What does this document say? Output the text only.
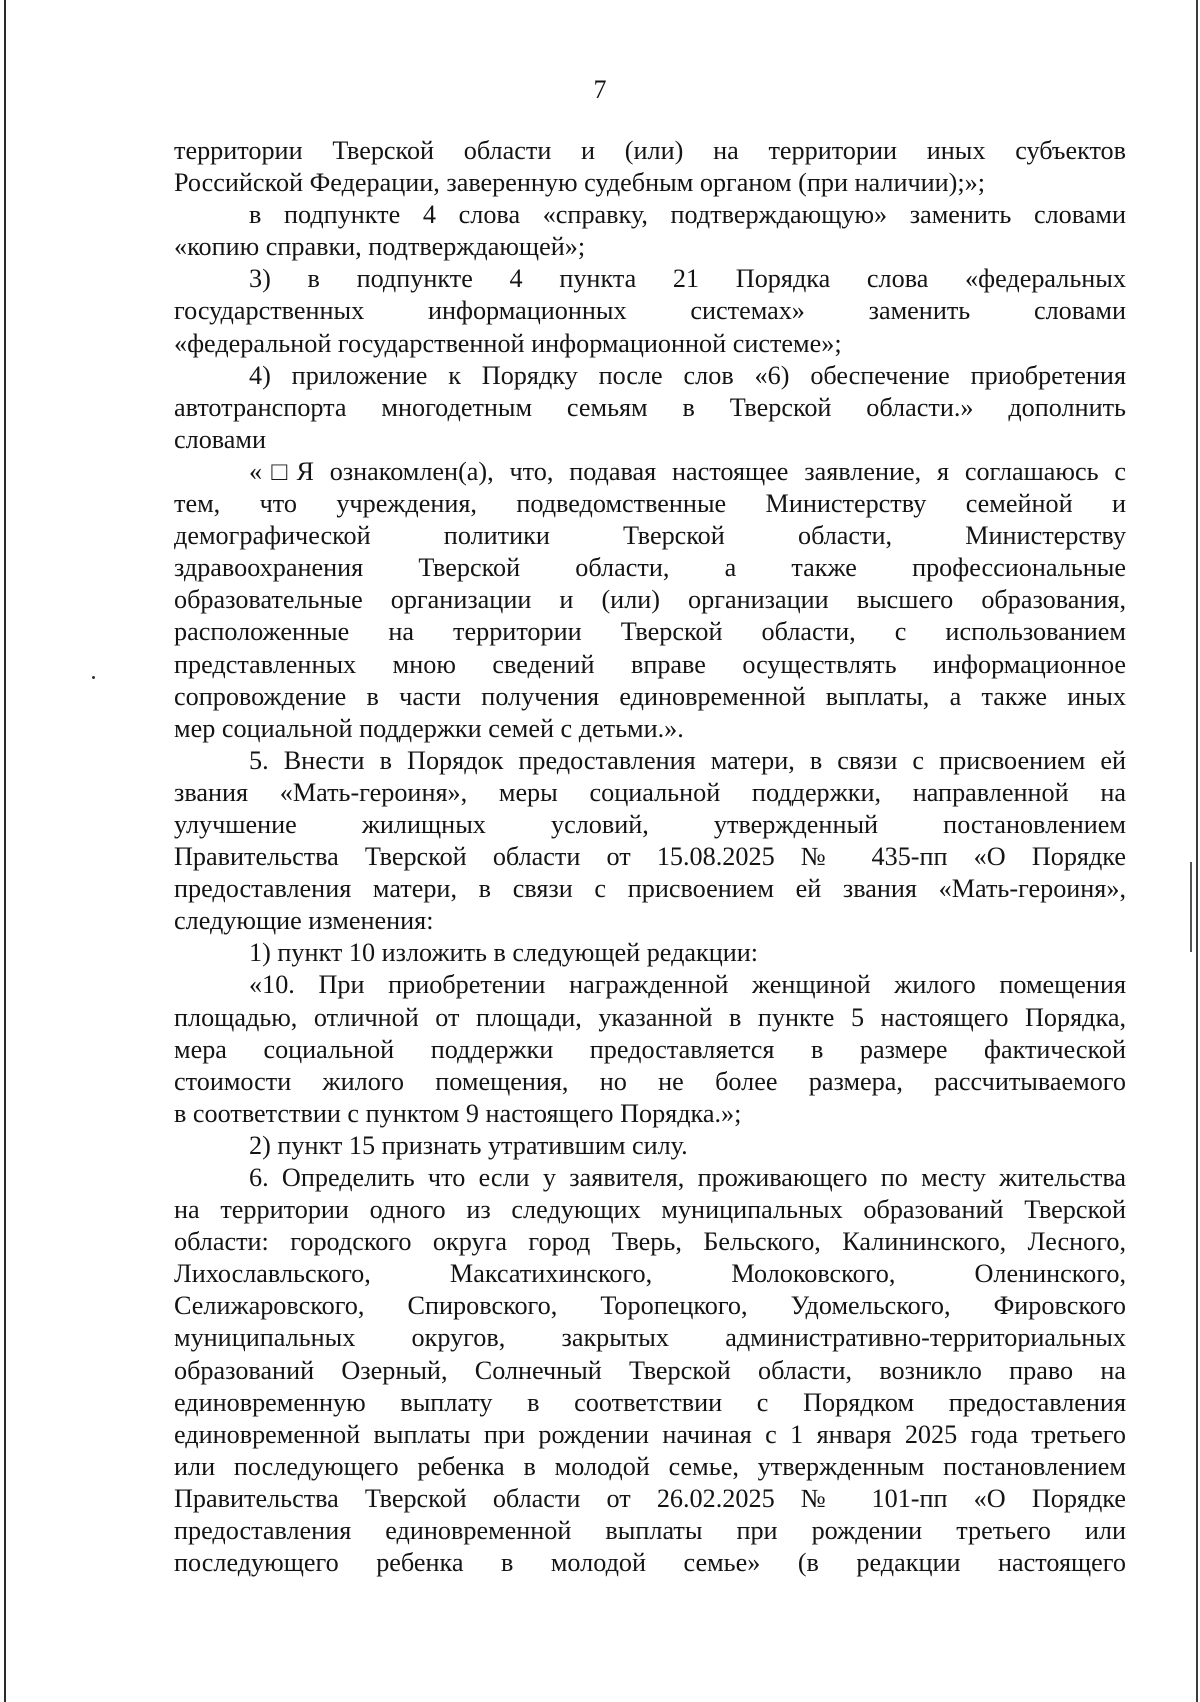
7
территории Тверской области и (или) на территории иных субъектов
Российской Федерации, заверенную судебным органом (при наличии);»;
в подпункте 4 слова «справку, подтверждающую» заменить словами
«копию справки, подтверждающей»;
3) в подпункте 4 пункта 21 Порядка слова «федеральных
государственных информационных системах» заменить словами
«федеральной государственной информационной системе»;
4) приложение к Порядку после слов «6) обеспечение приобретения
автотранспорта многодетным семьям в Тверской области.» дополнить
словами
«□Я ознакомлен(а), что, подавая настоящее заявление, я соглашаюсь с
тем, что учреждения, подведомственные Министерству семейной и
демографической политики Тверской области, Министерству
здравоохранения Тверской области, а также профессиональные
образовательные организации и (или) организации высшего образования,
расположенные на территории Тверской области, с использованием
представленных мною сведений вправе осуществлять информационное
сопровождение в части получения единовременной выплаты, а также иных
мер социальной поддержки семей с детьми.».
5. Внести в Порядок предоставления матери, в связи с присвоением ей
звания «Мать-героиня», меры социальной поддержки, направленной на
улучшение жилищных условий, утвержденный постановлением
Правительства Тверской области от 15.08.2025 № 435-пп «О Порядке
предоставления матери, в связи с присвоением ей звания «Мать-героиня»,
следующие изменения:
1) пункт 10 изложить в следующей редакции:
«10. При приобретении награжденной женщиной жилого помещения
площадью, отличной от площади, указанной в пункте 5 настоящего Порядка,
мера социальной поддержки предоставляется в размере фактической
стоимости жилого помещения, но не более размера, рассчитываемого
в соответствии с пунктом 9 настоящего Порядка.»;
2) пункт 15 признать утратившим силу.
6. Определить что если у заявителя, проживающего по месту жительства
на территории одного из следующих муниципальных образований Тверской
области: городского округа город Тверь, Бельского, Калининского, Лесного,
Лихославльского, Максатихинского, Молоковского, Оленинского,
Селижаровского, Спировского, Торопецкого, Удомельского, Фировского
муниципальных округов, закрытых административно-территориальных
образований Озерный, Солнечный Тверской области, возникло право на
единовременную выплату в соответствии с Порядком предоставления
единовременной выплаты при рождении начиная с 1 января 2025 года третьего
или последующего ребенка в молодой семье, утвержденным постановлением
Правительства Тверской области от 26.02.2025 № 101-пп «О Порядке
предоставления единовременной выплаты при рождении третьего или
последующего ребенка в молодой семье» (в редакции настоящего
